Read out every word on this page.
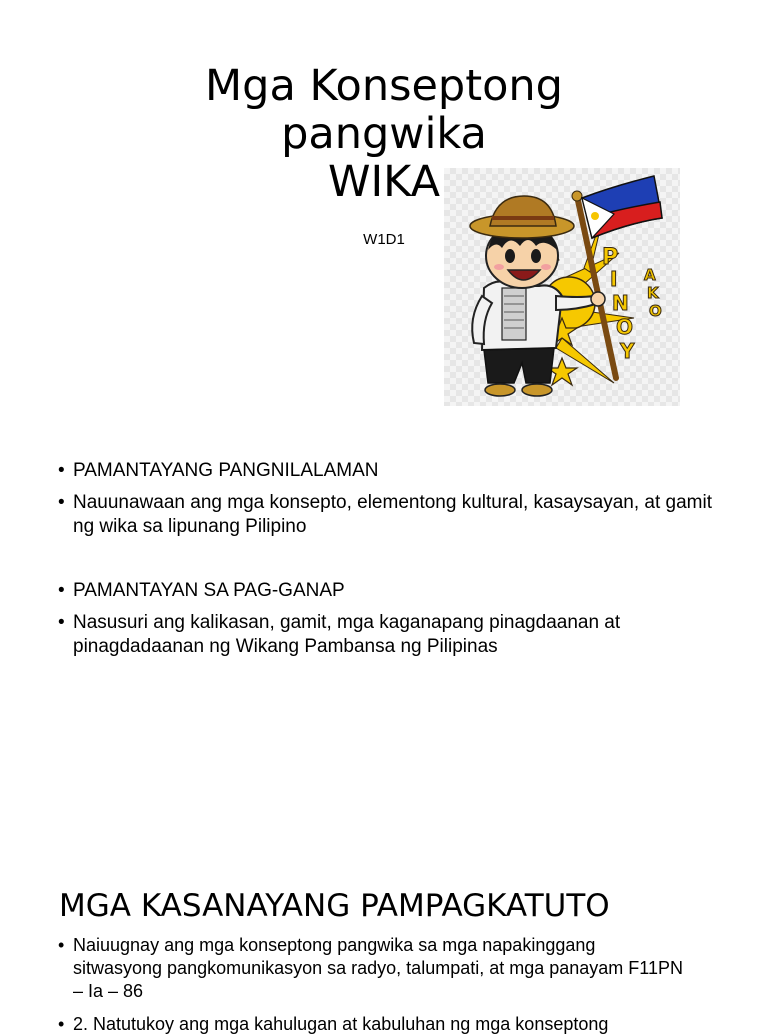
Mga Konseptong
pangwika
WIKA

W1D1

P
I
N
O
Y
A
K
O
• PAMANTAYANG PANGNILALAMAN
• Nauunawaan ang mga konsepto, elementong kultural, kasaysayan, at gamit ng wika sa lipunang Pilipino
• PAMANTAYAN SA PAG-GANAP
• Nasusuri ang kalikasan, gamit, mga kaganapang pinagdaanan at pinagdadaanan ng Wikang Pambansa ng Pilipinas
MGA KASANAYANG PAMPAGKATUTO
• Naiuugnay ang mga konseptong pangwika sa mga napakinggang sitwasyong pangkomunikasyon sa radyo, talumpati, at mga panayam F11PN – Ia – 86
• 2. Natutukoy ang mga kahulugan at kabuluhan ng mga konseptong
